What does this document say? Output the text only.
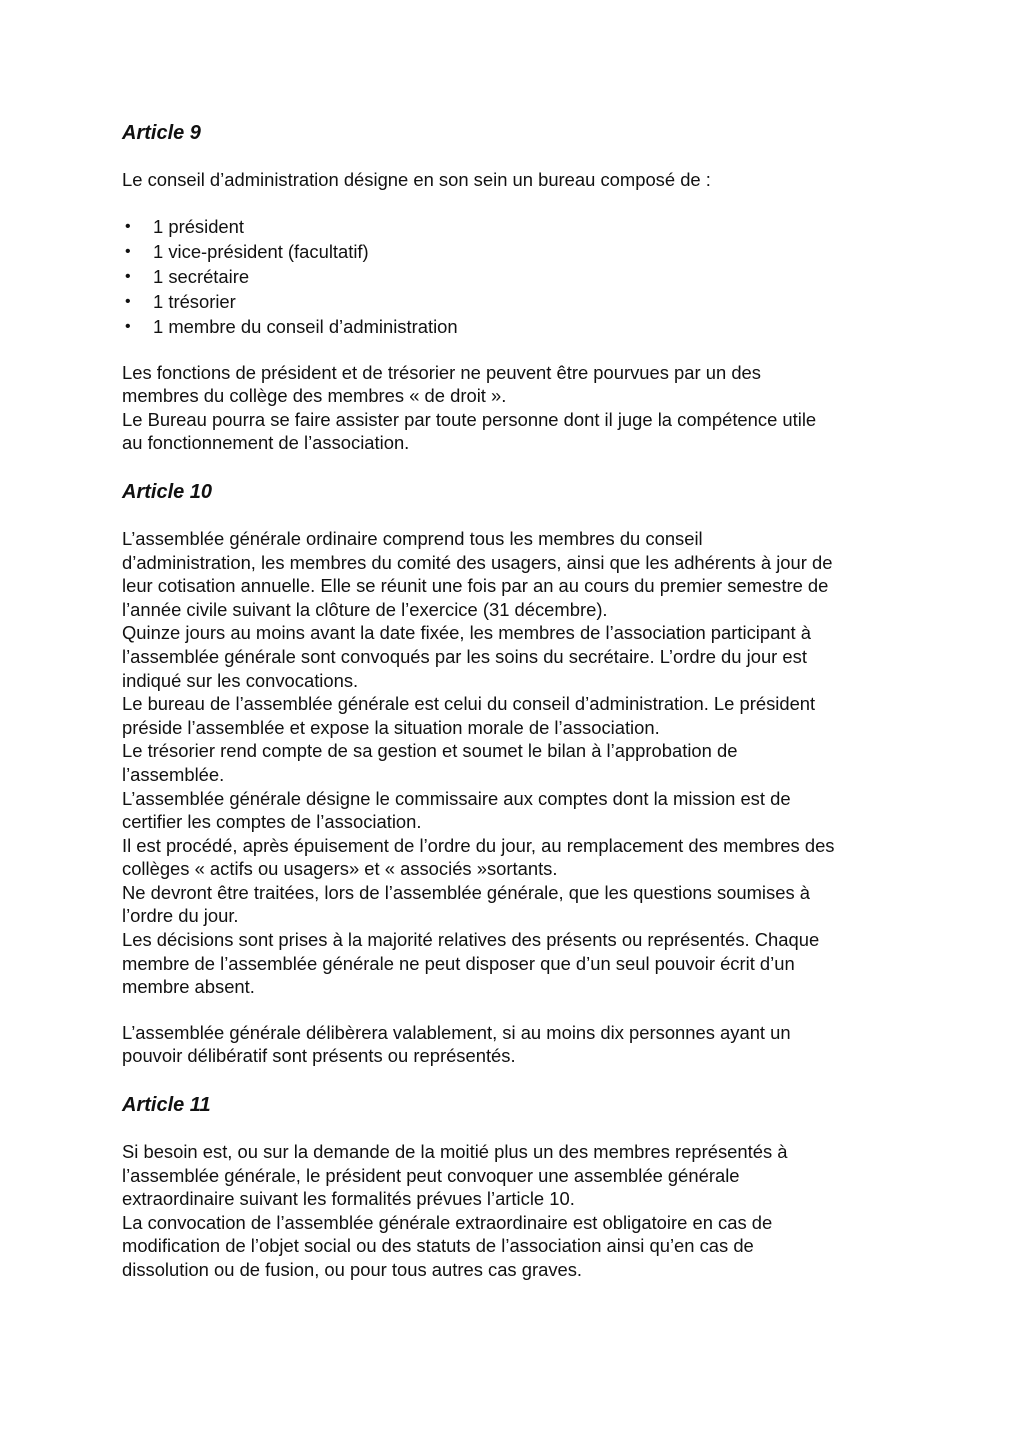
Article 9

Le conseil d’administration désigne en son sein un bureau composé de :

• 1 président
• 1 vice-président (facultatif)
• 1 secrétaire
• 1 trésorier
• 1 membre du conseil d’administration

Les fonctions de président et de trésorier ne peuvent être pourvues par un des
membres du collège des membres « de droit ».
Le Bureau pourra se faire assister par toute personne dont il juge la compétence utile
au fonctionnement de l’association.

Article 10

L’assemblée générale ordinaire comprend tous les membres du conseil
d’administration, les membres du comité des usagers, ainsi que les adhérents à jour de
leur cotisation annuelle. Elle se réunit une fois par an au cours du premier semestre de
l’année civile suivant la clôture de l’exercice (31 décembre).
Quinze jours au moins avant la date fixée, les membres de l’association participant à
l’assemblée générale sont convoqués par les soins du secrétaire. L’ordre du jour est
indiqué sur les convocations.
Le bureau de l’assemblée générale est celui du conseil d’administration. Le président
préside l’assemblée et expose la situation morale de l’association.
Le trésorier rend compte de sa gestion et soumet le bilan à l’approbation de
l’assemblée.
L’assemblée générale désigne le commissaire aux comptes dont la mission est de
certifier les comptes de l’association.
Il est procédé, après épuisement de l’ordre du jour, au remplacement des membres des
collèges « actifs ou usagers» et « associés »sortants.
Ne devront être traitées, lors de l’assemblée générale, que les questions soumises à
l’ordre du jour.
Les décisions sont prises à la majorité relatives des présents ou représentés. Chaque
membre de l’assemblée générale ne peut disposer que d’un seul pouvoir écrit d’un
membre absent.

L’assemblée générale délibèrera valablement, si au moins dix personnes ayant un
pouvoir délibératif sont présents ou représentés.

Article 11

Si besoin est, ou sur la demande de la moitié plus un des membres représentés à
l’assemblée générale, le président peut convoquer une assemblée générale
extraordinaire suivant les formalités prévues l’article 10.
La convocation de l’assemblée générale extraordinaire est obligatoire en cas de
modification de l’objet social ou des statuts de l’association ainsi qu’en cas de
dissolution ou de fusion, ou pour tous autres cas graves.
